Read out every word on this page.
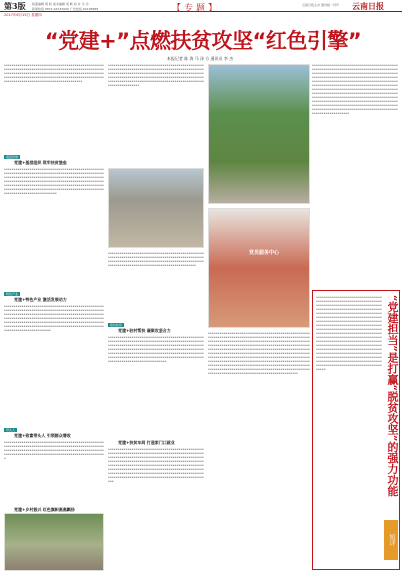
第3版
2017年6月15日 星期四
版面编辑 胡 杨 美术编辑 刘 畅 校 对 马 玲
新闻热线 0871-64133000 广告热线 64195888	【专题】	云南日报主办 国内统一刊号 云南日报
“党建+”点燃扶贫攻坚“红色引擎”
本报记者 陈 海 马 泽 方 通讯员 李 杰
▪▪▪▪▪▪▪▪▪▪▪▪▪▪▪▪▪▪▪▪▪▪▪▪▪▪▪▪▪▪▪▪▪▪▪▪▪▪▪▪▪▪▪▪▪▪▪▪▪▪▪▪▪▪▪▪▪▪▪▪▪▪▪▪▪▪▪▪▪▪▪▪▪▪▪▪▪▪▪▪▪▪▪▪▪▪▪▪▪▪▪▪▪▪▪▪▪▪▪▪▪▪▪▪▪▪▪▪▪▪▪▪▪▪▪▪▪▪▪▪▪▪▪▪▪▪▪▪▪▪▪▪▪▪▪▪▪▪▪▪▪▪▪▪▪▪▪▪▪▪▪▪▪▪▪▪▪▪▪▪▪▪▪▪▪▪▪▪▪▪▪▪▪▪▪▪▪▪▪▪▪▪▪▪▪▪▪▪▪▪▪▪▪▪▪▪▪▪▪▪▪▪▪▪▪▪▪▪▪▪▪▪▪▪▪▪▪▪▪▪▪▪▪▪▪▪▪▪▪▪▪▪▪▪▪▪▪▪▪▪▪▪▪▪
基层党建
党建+基层组织 筑牢扶贫堡垒
▪▪▪▪▪▪▪▪▪▪▪▪▪▪▪▪▪▪▪▪▪▪▪▪▪▪▪▪▪▪▪▪▪▪▪▪▪▪▪▪▪▪▪▪▪▪▪▪▪▪▪▪▪▪▪▪▪▪▪▪▪▪▪▪▪▪▪▪▪▪▪▪▪▪▪▪▪▪▪▪▪▪▪▪▪▪▪▪▪▪▪▪▪▪▪▪▪▪▪▪▪▪▪▪▪▪▪▪▪▪▪▪▪▪▪▪▪▪▪▪▪▪▪▪▪▪▪▪▪▪▪▪▪▪▪▪▪▪▪▪▪▪▪▪▪▪▪▪▪▪▪▪▪▪▪▪▪▪▪▪▪▪▪▪▪▪▪▪▪▪▪▪▪▪▪▪▪▪▪▪▪▪▪▪▪▪▪▪▪▪▪▪▪▪▪▪▪▪▪▪▪▪▪▪▪▪▪▪▪▪▪▪▪▪▪▪▪▪▪▪▪▪▪▪▪▪▪▪▪▪▪▪▪▪▪▪▪▪▪▪▪▪▪▪▪▪▪▪▪▪▪▪▪▪▪▪▪▪▪▪▪▪▪▪▪▪▪▪▪▪▪▪▪▪▪▪▪▪▪▪▪▪▪▪▪▪▪▪▪▪▪▪▪▪▪▪▪▪▪▪▪▪▪▪▪▪▪▪▪▪▪▪▪▪▪▪▪▪▪▪▪▪▪▪▪▪▪▪▪▪▪▪▪
特色产业
党建+特色产业 激活发展动力
▪▪▪▪▪▪▪▪▪▪▪▪▪▪▪▪▪▪▪▪▪▪▪▪▪▪▪▪▪▪▪▪▪▪▪▪▪▪▪▪▪▪▪▪▪▪▪▪▪▪▪▪▪▪▪▪▪▪▪▪▪▪▪▪▪▪▪▪▪▪▪▪▪▪▪▪▪▪▪▪▪▪▪▪▪▪▪▪▪▪▪▪▪▪▪▪▪▪▪▪▪▪▪▪▪▪▪▪▪▪▪▪▪▪▪▪▪▪▪▪▪▪▪▪▪▪▪▪▪▪▪▪▪▪▪▪▪▪▪▪▪▪▪▪▪▪▪▪▪▪▪▪▪▪▪▪▪▪▪▪▪▪▪▪▪▪▪▪▪▪▪▪▪▪▪▪▪▪▪▪▪▪▪▪▪▪▪▪▪▪▪▪▪▪▪▪▪▪▪▪▪▪▪▪▪▪▪▪▪▪▪▪▪▪▪▪▪▪▪▪▪▪▪▪▪▪▪▪▪▪▪▪▪▪▪▪▪▪▪▪▪▪▪▪▪▪▪▪▪▪▪▪▪▪▪▪▪▪▪▪▪▪▪▪▪▪▪▪▪▪▪▪▪▪▪▪▪▪▪▪▪▪▪▪▪▪▪▪▪▪▪▪▪▪▪▪▪▪▪▪▪▪▪▪▪▪▪▪▪▪▪▪▪▪▪▪▪▪▪▪▪▪▪▪▪▪▪▪▪▪
带头人
党建+致富带头人 引领群众增收
▪▪▪▪▪▪▪▪▪▪▪▪▪▪▪▪▪▪▪▪▪▪▪▪▪▪▪▪▪▪▪▪▪▪▪▪▪▪▪▪▪▪▪▪▪▪▪▪▪▪▪▪▪▪▪▪▪▪▪▪▪▪▪▪▪▪▪▪▪▪▪▪▪▪▪▪▪▪▪▪▪▪▪▪▪▪▪▪▪▪▪▪▪▪▪▪▪▪▪▪▪▪▪▪▪▪▪▪▪▪▪▪▪▪▪▪▪▪▪▪▪▪▪▪▪▪▪▪▪▪▪▪▪▪▪▪▪▪▪▪▪▪▪▪▪▪▪▪▪▪▪▪▪▪▪▪▪▪▪▪▪▪▪▪▪▪▪▪▪▪▪▪▪▪▪▪▪▪▪▪▪▪▪▪▪▪▪▪▪▪▪▪▪▪▪▪▪▪▪▪▪▪▪▪▪
党建+乡村振兴 红色旗帜高高飘扬
▪▪▪▪▪▪▪▪▪▪▪▪▪▪▪▪▪▪▪▪▪▪▪▪▪▪▪▪▪▪▪▪▪▪▪▪▪▪▪▪▪▪▪▪▪▪▪▪▪▪▪▪▪▪▪▪▪▪▪▪▪▪▪▪▪▪▪▪▪▪▪▪▪▪▪▪▪▪▪▪▪▪▪▪▪▪▪▪▪▪▪▪▪▪▪▪▪▪▪▪▪▪▪▪▪▪▪▪▪▪▪▪▪▪▪▪▪▪▪▪▪▪▪▪▪▪▪▪▪▪▪▪▪▪▪▪▪▪▪▪▪▪▪▪▪▪▪▪▪▪▪▪▪▪▪▪▪▪▪▪▪▪▪▪▪▪▪▪▪▪▪▪▪▪▪▪▪▪▪▪▪▪▪▪▪▪▪▪▪▪▪▪▪▪▪▪▪▪▪▪▪▪▪▪▪▪▪▪▪▪▪▪▪▪▪▪▪▪▪▪▪▪▪▪▪▪▪▪▪▪▪▪▪▪▪▪▪▪▪▪▪▪▪▪▪▪▪▪▪▪▪▪▪▪▪▪▪▪▪▪▪
▪▪▪▪▪▪▪▪▪▪▪▪▪▪▪▪▪▪▪▪▪▪▪▪▪▪▪▪▪▪▪▪▪▪▪▪▪▪▪▪▪▪▪▪▪▪▪▪▪▪▪▪▪▪▪▪▪▪▪▪▪▪▪▪▪▪▪▪▪▪▪▪▪▪▪▪▪▪▪▪▪▪▪▪▪▪▪▪▪▪▪▪▪▪▪▪▪▪▪▪▪▪▪▪▪▪▪▪▪▪▪▪▪▪▪▪▪▪▪▪▪▪▪▪▪▪▪▪▪▪▪▪▪▪▪▪▪▪▪▪▪▪▪▪▪▪▪▪▪▪▪▪▪▪▪▪▪▪▪▪▪▪▪▪▪▪▪▪▪▪▪▪▪▪▪▪▪▪▪▪▪▪▪▪▪▪▪▪▪▪▪▪
驻村扶贫
党建+驻村帮扶 凝聚攻坚合力
▪▪▪▪▪▪▪▪▪▪▪▪▪▪▪▪▪▪▪▪▪▪▪▪▪▪▪▪▪▪▪▪▪▪▪▪▪▪▪▪▪▪▪▪▪▪▪▪▪▪▪▪▪▪▪▪▪▪▪▪▪▪▪▪▪▪▪▪▪▪▪▪▪▪▪▪▪▪▪▪▪▪▪▪▪▪▪▪▪▪▪▪▪▪▪▪▪▪▪▪▪▪▪▪▪▪▪▪▪▪▪▪▪▪▪▪▪▪▪▪▪▪▪▪▪▪▪▪▪▪▪▪▪▪▪▪▪▪▪▪▪▪▪▪▪▪▪▪▪▪▪▪▪▪▪▪▪▪▪▪▪▪▪▪▪▪▪▪▪▪▪▪▪▪▪▪▪▪▪▪▪▪▪▪▪▪▪▪▪▪▪▪▪▪▪▪▪▪▪▪▪▪▪▪▪▪▪▪▪▪▪▪▪▪▪▪▪▪▪▪▪▪▪▪▪▪▪▪▪▪▪▪▪▪▪▪▪▪▪▪▪▪▪▪▪▪▪▪▪▪▪▪▪▪▪▪▪▪▪▪▪▪▪▪▪▪▪▪▪▪▪▪▪▪▪▪▪▪▪▪▪▪▪▪▪▪▪▪▪▪▪▪▪▪▪▪▪▪▪▪▪▪▪▪▪▪▪▪▪▪▪▪▪▪▪▪▪▪▪▪▪▪▪▪
党建+扶贫车间 打造家门口就业
▪▪▪▪▪▪▪▪▪▪▪▪▪▪▪▪▪▪▪▪▪▪▪▪▪▪▪▪▪▪▪▪▪▪▪▪▪▪▪▪▪▪▪▪▪▪▪▪▪▪▪▪▪▪▪▪▪▪▪▪▪▪▪▪▪▪▪▪▪▪▪▪▪▪▪▪▪▪▪▪▪▪▪▪▪▪▪▪▪▪▪▪▪▪▪▪▪▪▪▪▪▪▪▪▪▪▪▪▪▪▪▪▪▪▪▪▪▪▪▪▪▪▪▪▪▪▪▪▪▪▪▪▪▪▪▪▪▪▪▪▪▪▪▪▪▪▪▪▪▪▪▪▪▪▪▪▪▪▪▪▪▪▪▪▪▪▪▪▪▪▪▪▪▪▪▪▪▪▪▪▪▪▪▪▪▪▪▪▪▪▪▪▪▪▪▪▪▪▪▪▪▪▪▪▪▪▪▪▪▪▪▪▪▪▪▪▪▪▪▪▪▪▪▪▪▪▪▪▪▪▪▪▪▪▪▪▪▪▪▪▪▪▪▪▪▪▪▪▪▪▪▪▪▪▪▪▪▪▪▪▪▪▪▪▪▪▪▪▪▪▪▪▪▪▪▪▪▪▪▪▪▪▪▪▪▪▪▪▪▪▪▪▪▪▪▪▪▪▪▪▪▪▪▪▪▪▪▪▪▪▪▪▪▪▪▪▪▪▪▪▪▪▪▪▪▪▪▪▪▪▪▪▪▪▪▪▪▪▪▪▪▪▪▪▪▪▪▪▪▪▪▪▪▪▪▪▪▪▪▪▪▪▪▪▪▪▪▪▪▪▪▪▪▪▪▪▪▪▪▪▪▪▪▪▪▪▪▪▪▪▪▪▪▪▪
党员服务中心
▪▪▪▪▪▪▪▪▪▪▪▪▪▪▪▪▪▪▪▪▪▪▪▪▪▪▪▪▪▪▪▪▪▪▪▪▪▪▪▪▪▪▪▪▪▪▪▪▪▪▪▪▪▪▪▪▪▪▪▪▪▪▪▪▪▪▪▪▪▪▪▪▪▪▪▪▪▪▪▪▪▪▪▪▪▪▪▪▪▪▪▪▪▪▪▪▪▪▪▪▪▪▪▪▪▪▪▪▪▪▪▪▪▪▪▪▪▪▪▪▪▪▪▪▪▪▪▪▪▪▪▪▪▪▪▪▪▪▪▪▪▪▪▪▪▪▪▪▪▪▪▪▪▪▪▪▪▪▪▪▪▪▪▪▪▪▪▪▪▪▪▪▪▪▪▪▪▪▪▪▪▪▪▪▪▪▪▪▪▪▪▪▪▪▪▪▪▪▪▪▪▪▪▪▪▪▪▪▪▪▪▪▪▪▪▪▪▪▪▪▪▪▪▪▪▪▪▪▪▪▪▪▪▪▪▪▪▪▪▪▪▪▪▪▪▪▪▪▪▪▪▪▪▪▪▪▪▪▪▪▪▪▪▪▪▪▪▪▪▪▪▪▪▪▪▪▪▪▪▪▪▪▪▪▪▪▪▪▪▪▪▪▪▪▪▪▪▪▪▪▪▪▪▪▪▪▪▪▪▪▪▪▪▪▪▪▪▪▪▪▪▪▪▪▪▪▪▪▪▪▪▪▪▪▪▪▪▪▪▪▪▪▪▪▪▪▪▪▪▪▪▪▪▪▪▪▪▪▪▪▪▪▪▪▪▪▪▪▪▪▪▪▪▪▪▪▪▪▪▪▪▪▪▪▪▪▪▪▪▪▪▪▪▪▪▪▪▪▪▪▪▪▪▪▪▪▪▪▪▪▪▪▪▪▪▪▪▪▪▪▪▪▪▪▪▪▪▪▪▪▪▪▪▪▪▪▪▪▪▪▪▪▪▪▪▪▪▪▪▪▪▪▪▪▪▪▪▪▪▪▪▪▪▪▪▪▪▪▪▪▪▪▪▪▪▪▪▪▪▪▪▪▪▪▪▪▪▪▪▪▪▪▪▪▪▪▪▪▪▪▪▪▪▪▪▪▪▪▪▪▪▪▪▪▪▪▪▪▪▪▪▪▪▪▪▪▪▪▪▪▪▪▪▪▪▪▪▪▪▪▪▪▪▪▪▪▪▪▪▪▪▪▪▪▪▪▪▪▪▪▪▪▪▪▪▪
▪▪▪▪▪▪▪▪▪▪▪▪▪▪▪▪▪▪▪▪▪▪▪▪▪▪▪▪▪▪▪▪▪▪▪▪▪▪▪▪▪▪▪▪▪▪▪▪▪▪▪▪▪▪▪▪▪▪▪▪▪▪▪▪▪▪▪▪▪▪▪▪▪▪▪▪▪▪▪▪▪▪▪▪▪▪▪▪▪▪▪▪▪▪▪▪▪▪▪▪▪▪▪▪▪▪▪▪▪▪▪▪▪▪▪▪▪▪▪▪▪▪▪▪▪▪▪▪▪▪▪▪▪▪▪▪▪▪▪▪▪▪▪▪▪▪▪▪▪▪▪▪▪▪▪▪▪▪▪▪▪▪▪▪▪▪▪▪▪▪▪▪▪▪▪▪▪▪▪▪▪▪▪▪▪▪▪▪▪▪▪▪▪▪▪▪▪▪▪▪▪▪▪▪▪▪▪▪▪▪▪▪▪▪▪▪▪▪▪▪▪▪▪▪▪▪▪▪▪▪▪▪▪▪▪▪▪▪▪▪▪▪▪▪▪▪▪▪▪▪▪▪▪▪▪▪▪▪▪▪▪▪▪▪▪▪▪▪▪▪▪▪▪▪▪▪▪▪▪▪▪▪▪▪▪▪▪▪▪▪▪▪▪▪▪▪▪▪▪▪▪▪▪▪▪▪▪▪▪▪▪▪▪▪▪▪▪▪▪▪▪▪▪▪▪▪▪▪▪▪▪▪▪▪▪▪▪▪▪▪▪▪▪▪▪▪▪▪▪▪▪▪▪▪▪▪▪▪▪▪▪▪▪▪▪▪▪▪▪▪▪▪▪▪▪▪▪▪▪▪▪▪▪▪▪▪▪▪▪▪▪▪▪▪▪▪▪▪▪▪▪▪▪▪▪▪▪▪▪▪▪▪▪▪▪▪▪▪▪▪▪▪▪▪▪▪▪▪▪▪▪▪▪▪▪▪▪▪▪▪▪▪▪▪▪▪▪▪▪▪▪▪▪▪▪▪▪▪▪▪▪▪▪▪▪▪▪▪▪▪▪▪▪▪▪▪▪▪▪▪▪▪▪▪▪▪▪▪▪▪▪▪▪▪▪▪▪▪▪▪▪▪▪▪▪▪▪▪▪▪▪▪▪▪▪▪▪▪▪▪▪▪▪▪▪▪▪▪▪▪▪▪▪▪▪
▪▪▪▪▪▪▪▪▪▪▪▪▪▪▪▪▪▪▪▪▪▪▪▪▪▪▪▪▪▪▪▪▪▪▪▪▪▪▪▪▪▪▪▪▪▪▪▪▪▪▪▪▪▪▪▪▪▪▪▪▪▪▪▪▪▪▪▪▪▪▪▪▪▪▪▪▪▪▪▪▪▪▪▪▪▪▪▪▪▪▪▪▪▪▪▪▪▪▪▪▪▪▪▪▪▪▪▪▪▪▪▪▪▪▪▪▪▪▪▪▪▪▪▪▪▪▪▪▪▪▪▪▪▪▪▪▪▪▪▪▪▪▪▪▪▪▪▪▪▪▪▪▪▪▪▪▪▪▪▪▪▪▪▪▪▪▪▪▪▪▪▪▪▪▪▪▪▪▪▪▪▪▪▪▪▪▪▪▪▪▪▪▪▪▪▪▪▪▪▪▪▪▪▪▪▪▪▪▪▪▪▪▪▪▪▪▪▪▪▪▪▪▪▪▪▪▪▪▪▪▪▪▪▪▪▪▪▪▪▪▪▪▪▪▪▪▪▪▪▪▪▪▪▪▪▪▪▪▪▪▪▪▪▪▪▪▪▪▪▪▪▪▪▪▪▪▪▪▪▪▪▪▪▪▪▪▪▪▪▪▪▪▪▪▪▪▪▪▪▪▪▪▪▪▪▪▪▪▪▪▪▪▪▪▪▪▪▪▪▪▪▪▪▪▪▪▪▪▪▪▪▪▪▪▪▪▪▪▪▪▪▪▪▪▪▪▪▪▪▪▪▪▪▪▪▪▪▪▪▪▪▪▪▪▪▪▪▪▪▪▪▪▪▪▪▪▪▪▪▪▪▪▪▪▪▪▪▪▪▪▪▪▪▪▪▪▪▪▪▪▪▪▪▪▪▪▪▪▪▪▪▪▪▪▪▪▪▪▪▪▪▪▪▪▪▪▪▪▪▪▪▪▪▪▪▪▪▪▪▪▪▪▪▪▪▪▪▪▪▪▪▪▪▪▪▪▪▪▪▪▪▪▪▪▪▪▪▪▪▪▪▪▪▪▪▪▪▪▪▪▪▪▪▪▪▪▪▪▪▪▪▪▪▪▪▪▪▪▪▪▪▪▪▪▪▪▪▪▪▪▪▪▪▪▪▪▪▪▪▪▪▪▪▪▪▪▪▪▪▪▪▪▪▪▪▪▪▪▪▪▪▪▪▪▪▪▪▪▪▪▪▪▪▪▪▪▪▪▪▪▪▪▪▪▪▪▪▪▪▪▪▪▪▪▪▪▪▪▪▪▪▪▪▪▪▪▪▪▪▪▪▪▪▪▪▪▪▪▪	“党建担当”是打赢“脱贫攻坚”的强力功能
短评
